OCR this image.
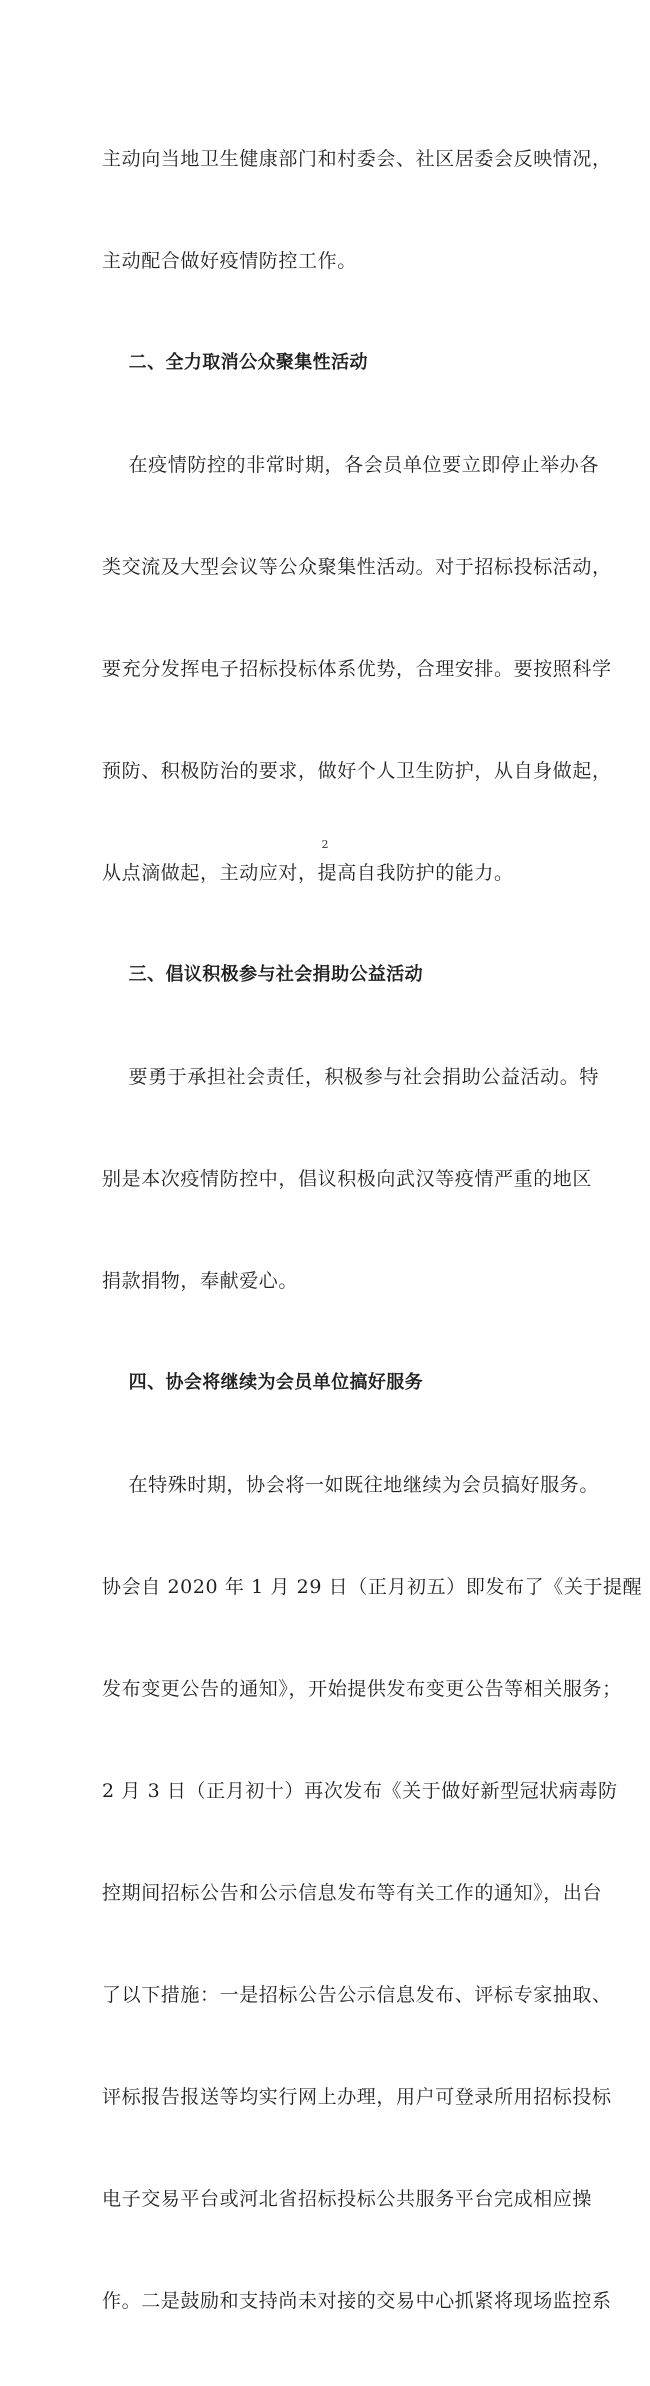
主动向当地卫生健康部门和村委会、社区居委会反映情况，

主动配合做好疫情防控工作。

二、全力取消公众聚集性活动

在疫情防控的非常时期，各会员单位要立即停止举办各

类交流及大型会议等公众聚集性活动。对于招标投标活动，

要充分发挥电子招标投标体系优势，合理安排。要按照科学

预防、积极防治的要求，做好个人卫生防护，从自身做起，

从点滴做起，主动应对，提高自我防护的能力。

三、倡议积极参与社会捐助公益活动

要勇于承担社会责任，积极参与社会捐助公益活动。特

别是本次疫情防控中，倡议积极向武汉等疫情严重的地区

捐款捐物，奉献爱心。

四、协会将继续为会员单位搞好服务

在特殊时期，协会将一如既往地继续为会员搞好服务。

协会自 2020 年 1 月 29 日（正月初五）即发布了《关于提醒

发布变更公告的通知》，开始提供发布变更公告等相关服务；

2 月 3 日（正月初十）再次发布《关于做好新型冠状病毒防

控期间招标公告和公示信息发布等有关工作的通知》，出台

了以下措施：一是招标公告公示信息发布、评标专家抽取、

评标报告报送等均实行网上办理，用户可登录所用招标投标

电子交易平台或河北省招标投标公共服务平台完成相应操

作。二是鼓励和支持尚未对接的交易中心抓紧将现场监控系

2
